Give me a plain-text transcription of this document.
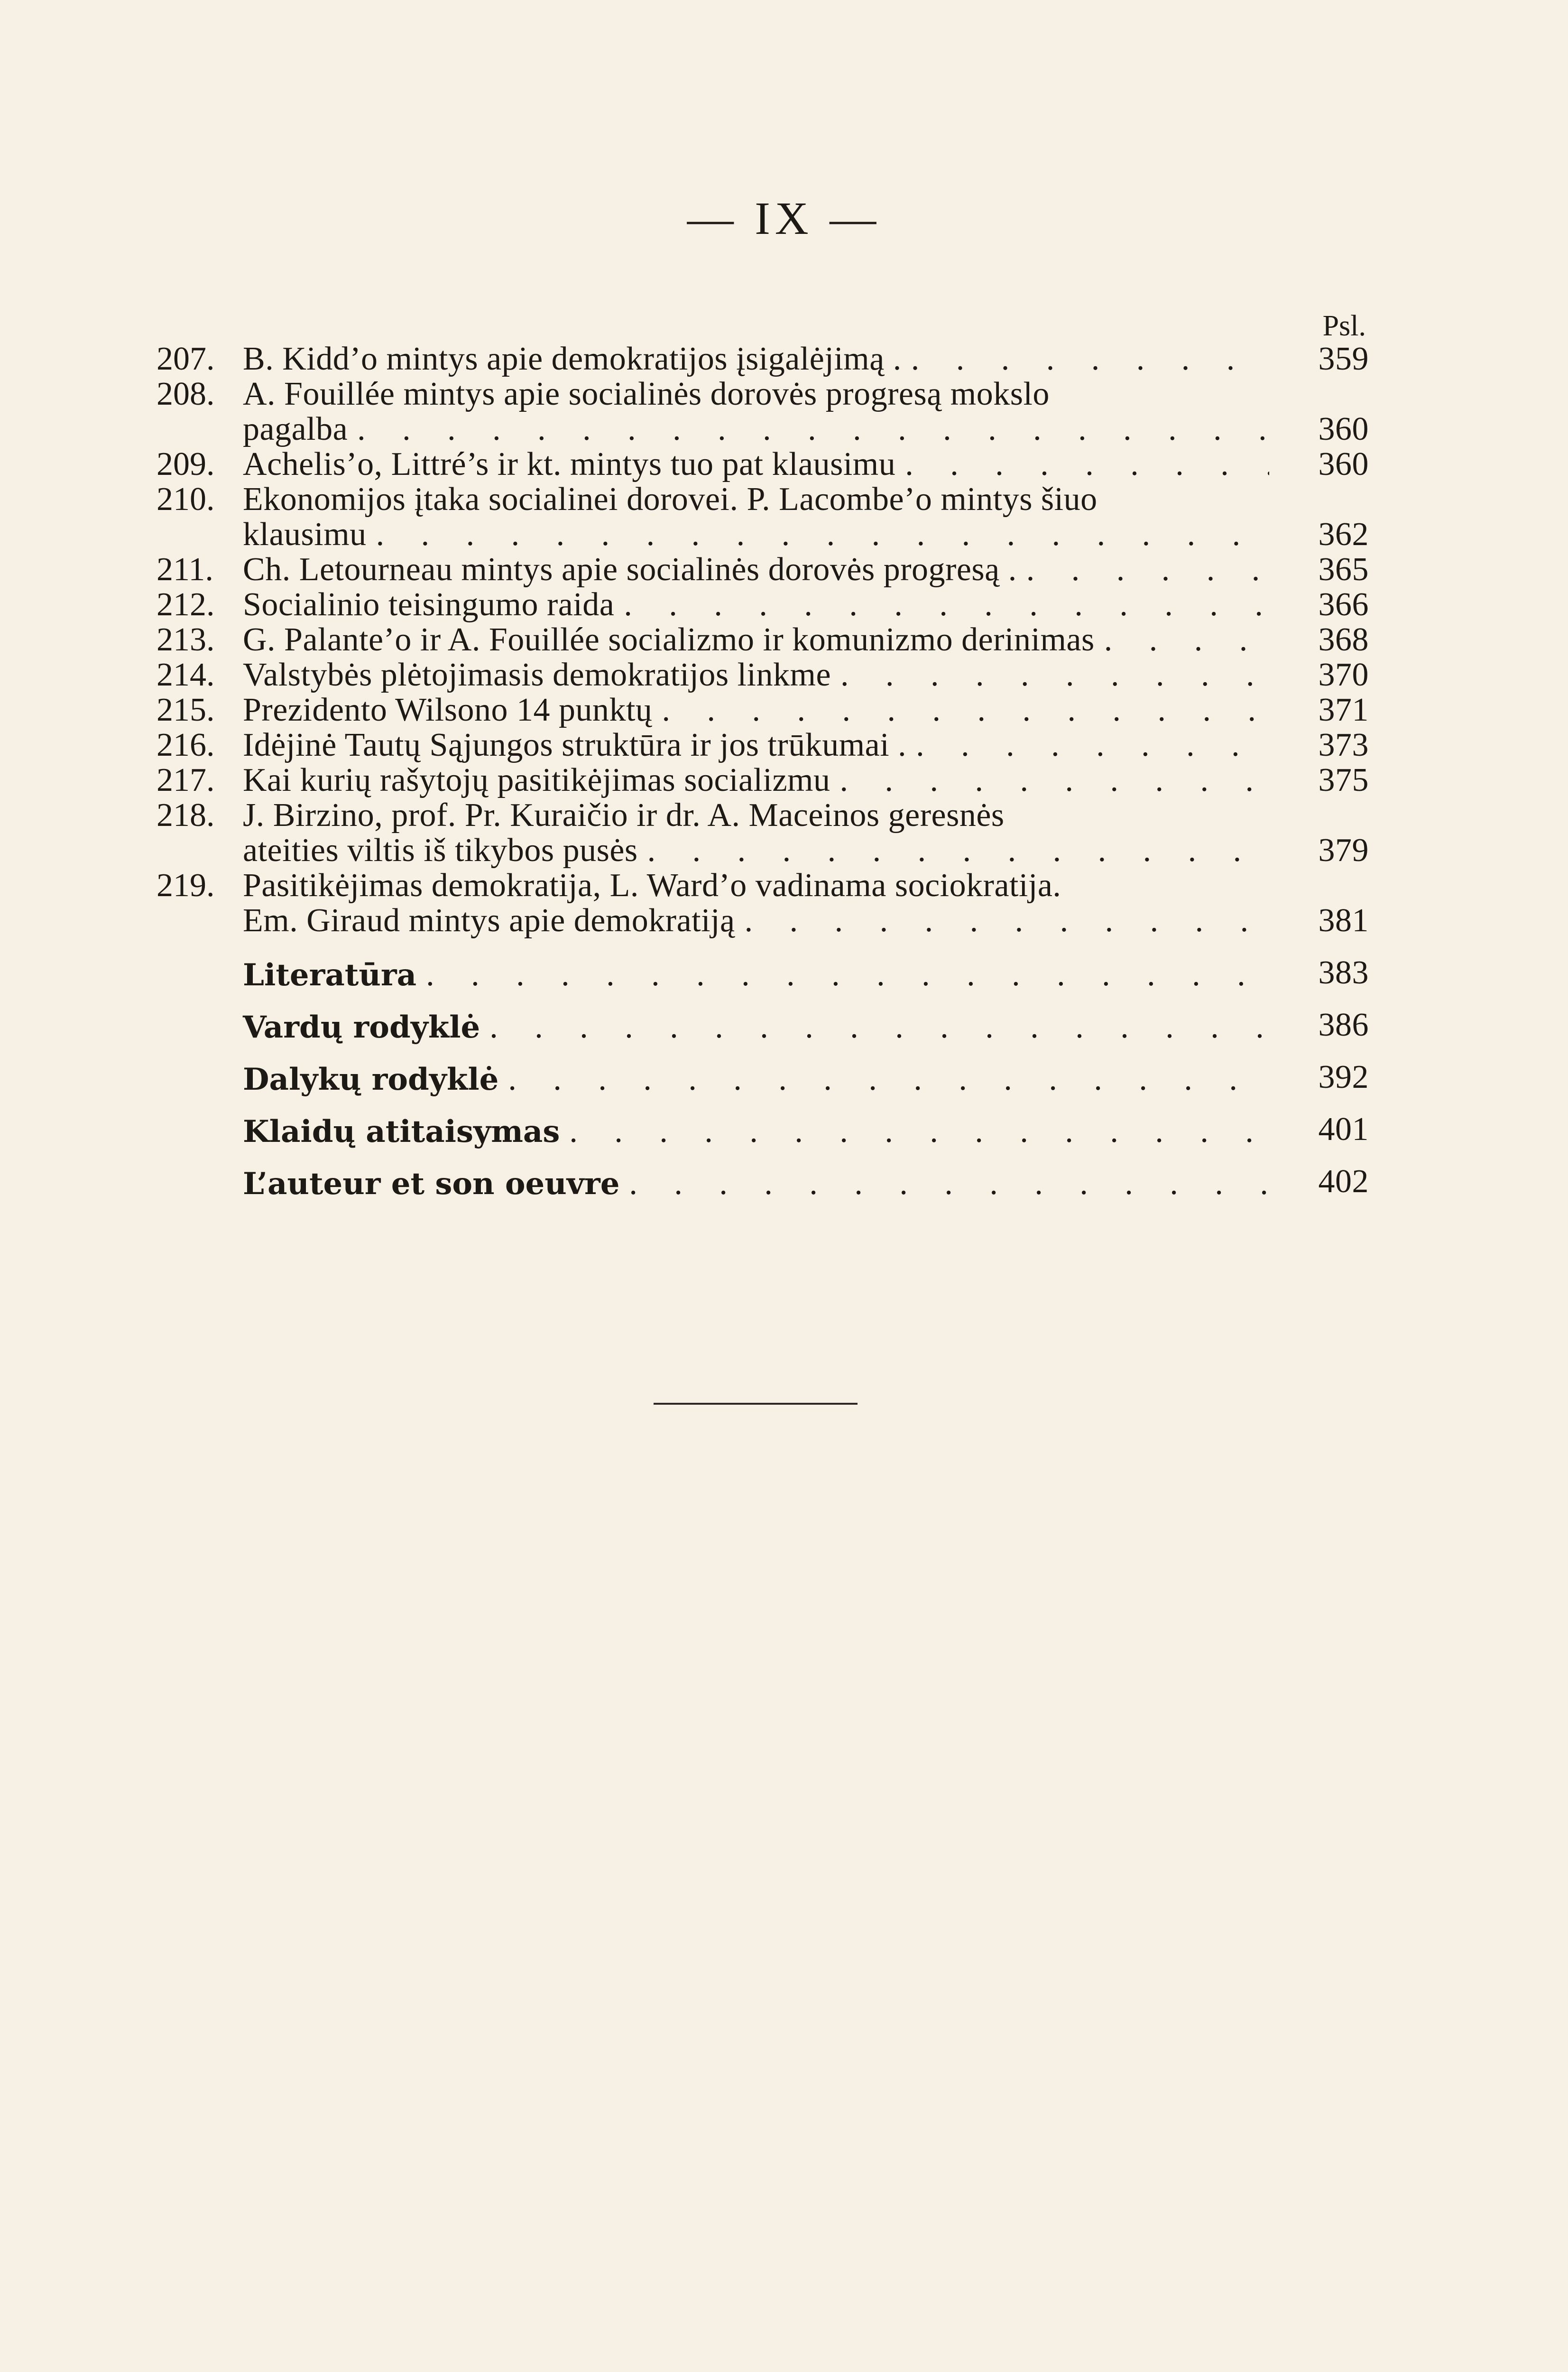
— IX —
Psl.
207. B. Kidd’o mintys apie demokratijos įsigalėjimą . . . .	359
208. A. Fouillée mintys apie socialinės dorovės progresą mokslo
pagalba . . .	360
209. Achelis’o, Littré’s ir kt. mintys tuo pat klausimu . . .	360
210. Ekonomijos įtaka socialinei dorovei. P. Lacombe’o mintys šiuo
klausimu . . .	362
211. Ch. Letourneau mintys apie socialinės dorovės progresą . . . .	365
212. Socialinio teisingumo raida . . .	366
213. G. Palante’o ir A. Fouillée socializmo ir komunizmo derinimas . . .	368
214. Valstybės plėtojimasis demokratijos linkme . . .	370
215. Prezidento Wilsono 14 punktų . . .	371
216. Idėjinė Tautų Sąjungos struktūra ir jos trūkumai . . . .	373
217. Kai kurių rašytojų pasitikėjimas socializmu . . .	375
218. J. Birzino, prof. Pr. Kuraičio ir dr. A. Maceinos geresnės
ateities viltis iš tikybos pusės . . .	379
219. Pasitikėjimas demokratija, L. Ward’o vadinama sociokratija.
Em. Giraud mintys apie demokratiją . . .	381
Literatūra . . .	383
Vardų rodyklė . . .	386
Dalykų rodyklė . . .	392
Klaidų atitaisymas . . .	401
L’auteur et son oeuvre . . .	402
